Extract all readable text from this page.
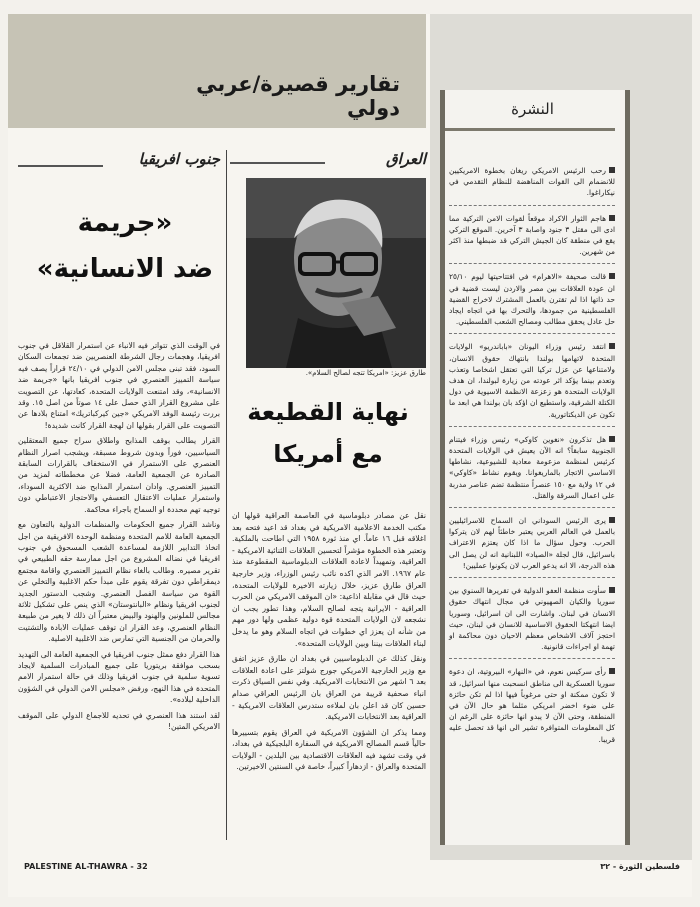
تقارير قصيرة/عربي دولي	النشرة
رحب الرئيس الامريكي ريغان بخطوة الامريكيين للانضمام الى القوات المناهضة للنظام التقدمي في نيكاراغوا.
هاجم الثوار الاكراد موقعاً لقوات الامن التركية مما ادى الى مقتل ٣ جنود واصابة ٣ آخرين. الموقع التركي يقع في منطقة كان الجيش التركي قد ضبطها منذ اكثر من شهرين.
قالت صحيفة «الاهرام» في افتتاحيتها ليوم ٢٥/١٠ ان عودة العلاقات بين مصر والاردن ليست قضية في حد ذاتها اذا لم تقترن بالعمل المشترك لاخراج القضية الفلسطينية من جمودها، والتحرك بها في اتجاه ايجاد حل عادل يحقق مطالب ومصالح الشعب الفلسطيني.
انتقد رئيس وزراء اليونان «باباندريو» الولايات المتحدة لاتهامها بولندا بانتهاك حقوق الانسان، ولامتناعها عن عزل تركيا التي تعتقل اشخاصا وتعذب وتعدم بينما يؤكد اثر عودته من زيارة لبولندا، ان هدف الولايات المتحدة هو زعزعة الانظمة الاسيوية في دول الكتلة الشرقية، واستطيع ان اؤكد بان بولندا هي ابعد ما تكون عن الديكتاتورية.
هل تذكرون «نغوين كاوكي» رئيس وزراء فيتنام الجنوبية سابقاً؟ انه الآن يعيش في الولايات المتحدة كرئيس لمنظمة مزعومة معادية للشيوعية، نشاطها الاساسي الاتجار بالماريغوانا. ويقوم نشاط «كاوكي» في ١٢ ولاية مع ١٥٠ عنصراً منتظمة تضم عناصر مدربة على اعمال السرقة والقتل.
يرى الرئيس السوداني ان السماح للاسرائيليين بالعمل في العالم العربي يعتبر خاطئاً لهم لان يتركوا الحرب. وحول سؤال ما اذا كان يعتزم الاعتراف باسرائيل، قال لجلة «الصياد» اللبنانية انه لن يصل الى هذه الدرجة، الا انه يدعو العرب لان يكونوا عمليين!
سأوت منظمة العفو الدولية في تقريرها السنوي بين سوريا والكيان الصهيوني في مجال انتهاك حقوق الانسان في لبنان. واشارت الى ان اسرائيل، وسوريا ايضا انتهكتا الحقوق الاساسية للانسان في لبنان، حيث احتجز آلاف الاشخاص معظم الاحيان دون محاكمة او تهمة او اجراءات قانونية.
رأى سركيس نعوم، في «النهار» البيروتية، ان دعوة سوريا العسكرية الى مناطق انسحبت منها اسرائيل، قد لا تكون ممكنة او حتى مرغوباً فيها اذا لم تكن حائزة على ضوء اخضر امريكي مثلما هو حال الآن في المنطقة، وحتى الآن لا يبدو انها حائزة على الرغم ان كل المعلومات المتوافرة تشير الى انها قد تحصل عليه قريبا.
العراق
طارق عزيز: «امريكا تتجه لصالح السلام».
نهاية القطيعة
مع أمريكا

نقل عن مصادر دبلوماسية في العاصمة العراقية قولها ان مكتب الخدمة الاعلامية الامريكية في بغداد قد اعيد فتحه بعد اغلاقه قبل ١٦ عاماً. اي منذ ثورة ١٩٥٨ التي اطاحت بالملكية. وتعتبر هذه الخطوة مؤشراً لتحسين العلاقات الثنائية الامريكية - العراقية، وتمهيداً لاعادة العلاقات الدبلوماسية المقطوعة منذ عام ١٩٦٧. الامر الذي اكده نائب رئيس الوزراء، وزير خارجية العراق طارق عزيز، خلال زيارته الاخيرة للولايات المتحدة، حيث قال في مقابلة اذاعية: «ان الموقف الامريكي من الحرب العراقية - الايرانية يتجه لصالح السلام، وهذا تطور يجب ان نشجعه لان الولايات المتحدة قوة دولية عظمى ولها دور مهم من شأنه ان يعزز اي خطوات في اتجاه السلام وهو ما يدخل لبناء العلاقات بيننا وبين الولايات المتحدة».

ونقل كذلك عن الدبلوماسيين في بغداد ان طارق عزيز اتفق مع وزير الخارجية الامريكي جورج شولتز على اعادة العلاقات بعد ٦ اشهر من الانتخابات الامريكية. وفي نفس السياق ذكرت انباء صحفية قريبة من العراق بان الرئيس العراقي صدام حسين كان قد اعلن بان لملاءه ستدرس العلاقات الامريكية - العراقية بعد الانتخابات الامريكية.

ومما يذكر ان الشؤون الامريكية في العراق يقوم بتسييرها حالياً قسم المصالح الامريكية في السفارة البلجيكية في بغداد، في وقت تشهد فيه العلاقات الاقتصادية بين البلدين - الولايات المتحدة والعراق - ازدهاراً كبيراً، خاصة في السنتين الاخيرتين.

جنوب افريقيا
«جريمة
ضد الانسانية»

في الوقت الذي تتواتر فيه الانباء عن استمرار القلاقل في جنوب افريقيا، وهجمات رجال الشرطة العنصريين ضد تجمعات السكان السود، فقد تبنى مجلس الامن الدولي في ٢٤/١٠ قراراً يصف فيه سياسة التمييز العنصري في جنوب افريقيا بانها «جريمة ضد الانسانية»، وقد امتنعت الولايات المتحدة، كعادتها، عن التصويت على مشروع القرار الذي حصل على ١٤ صوتاً من اصل ١٥. وقد بررت رئيسة الوفد الامريكي «جين كيركباتريك» امتناع بلادها عن التصويت على القرار بقولها ان لهجة القرار كانت شديدة!

القرار يطالب بوقف المذابح واطلاق سراح جميع المعتقلين السياسيين، فوراً وبدون شروط مسبقة، ويشجب اصرار النظام العنصري على الاستمرار في الاستخفاف بالقرارات السابقة الصادرة عن الجمعية العامة، فضلا عن مخططاته لمزيد من التمييز العنصري. وادان استمرار المذابح ضد الاكثرية السوداء، واستمرار عمليات الاعتقال التعسفي والاحتجاز الاعتباطي دون توجيه تهم محددة او السماح باجراء محاكمة.

وناشد القرار جميع الحكومات والمنظمات الدولية بالتعاون مع الجمعية العامة للامم المتحدة ومنظمة الوحدة الافريقية من اجل اتخاذ التدابير اللازمة لمساعدة الشعب المسحوق في جنوب افريقيا في نضاله المشروع من اجل ممارسة حقه الطبيعي في تقرير مصيره. وطالب بالغاء نظام التمييز العنصري واقامة مجتمع ديمقراطي دون تفرقة يقوم على مبدأ حكم الاغلبية والتخلي عن القوة من سياسة الفصل العنصري. وشجب الدستور الجديد لجنوب افريقيا ونظام «البانتوستان» الذي ينص على تشكيل ثلاثة مجالس للملونين والهنود والبيض معتبراً ان ذلك لا يغير من طبيعة النظام العنصري، وعد القرار ان توقف عمليات الابادة والتشتيت والحرمان من الجنسية التي تمارس ضد الاغلبية الاصلية.

هذا القرار دفع ممثل جنوب افريقيا في الجمعية العامة الى التهديد بسحب موافقة بريتوريا على جميع المبادرات السلمية لايجاد تسوية سلمية في جنوب افريقيا وذلك في حالة استمرار الامم المتحدة في هذا النهج، ورفض «مجلس الامن الدولي في الشؤون الداخلية لبلاده».

لقد استند هذا العنصري في تحديه للاجماع الدولي على الموقف الامريكي المتين!

PALESTINE AL-THAWRA - 32	فلسطين الثورة - ٣٢
